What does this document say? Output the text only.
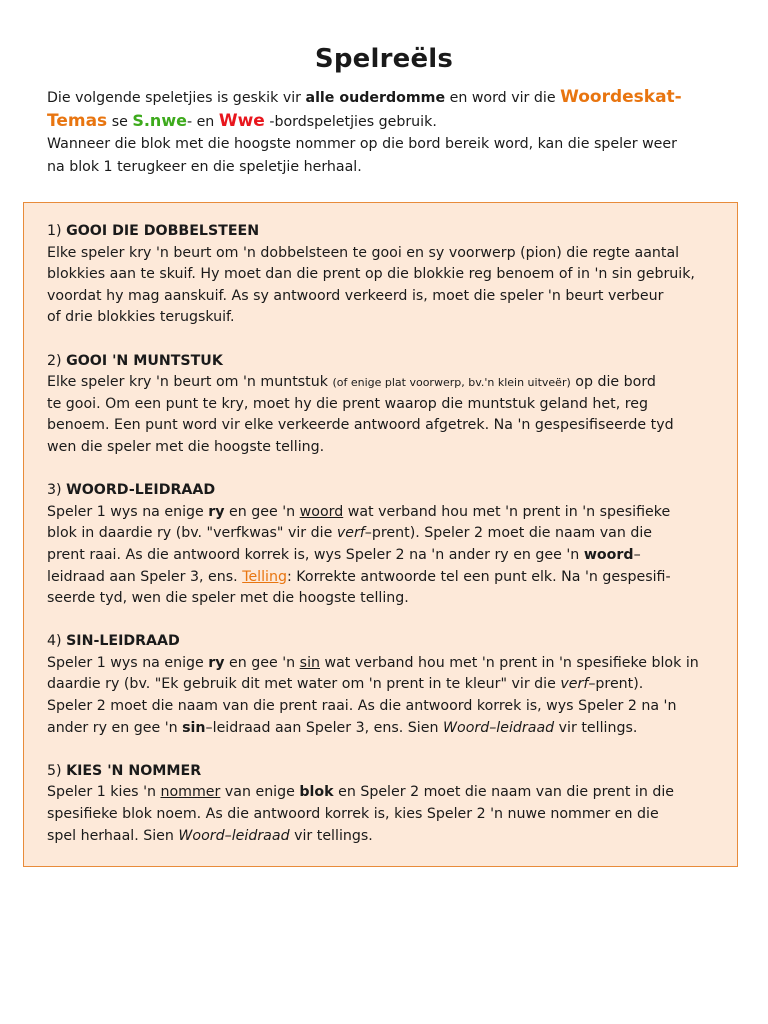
Spelreëls
Die volgende speletjies is geskik vir alle ouderdomme en word vir die Woordeskat-
Temas se S.nwe- en Wwe -bordspeletjies gebruik.
Wanneer die blok met die hoogste nommer op die bord bereik word, kan die speler weer
na blok 1 terugkeer en die speletjie herhaal.
1) GOOI DIE DOBBELSTEEN
Elke speler kry 'n beurt om 'n dobbelsteen te gooi en sy voorwerp (pion) die regte aantal
blokkies aan te skuif. Hy moet dan die prent op die blokkie reg benoem of in 'n sin gebruik,
voordat hy mag aanskuif. As sy antwoord verkeerd is, moet die speler 'n beurt verbeur
of drie blokkies terugskuif.
2) GOOI 'N MUNTSTUK
Elke speler kry 'n beurt om 'n muntstuk (of enige plat voorwerp, bv.'n klein uitveër) op die bord
te gooi. Om een punt te kry, moet hy die prent waarop die muntstuk geland het, reg
benoem. Een punt word vir elke verkeerde antwoord afgetrek. Na 'n gespesifiseerde tyd
wen die speler met die hoogste telling.
3) WOORD-LEIDRAAD
Speler 1 wys na enige ry en gee 'n woord wat verband hou met 'n prent in 'n spesifieke
blok in daardie ry (bv. "verfkwas" vir die verf–prent). Speler 2 moet die naam van die
prent raai. As die antwoord korrek is, wys Speler 2 na 'n ander ry en gee 'n woord–
leidraad aan Speler 3, ens. Telling: Korrekte antwoorde tel een punt elk. Na 'n gespesifi-
seerde tyd, wen die speler met die hoogste telling.
4) SIN-LEIDRAAD
Speler 1 wys na enige ry en gee 'n sin wat verband hou met 'n prent in 'n spesifieke blok in
daardie ry (bv. "Ek gebruik dit met water om 'n prent in te kleur" vir die verf–prent).
Speler 2 moet die naam van die prent raai. As die antwoord korrek is, wys Speler 2 na 'n
ander ry en gee 'n sin–leidraad aan Speler 3, ens. Sien Woord–leidraad vir tellings.
5) KIES 'N NOMMER
Speler 1 kies 'n nommer van enige blok en Speler 2 moet die naam van die prent in die
spesifieke blok noem. As die antwoord korrek is, kies Speler 2 'n nuwe nommer en die
spel herhaal. Sien Woord–leidraad vir tellings.
